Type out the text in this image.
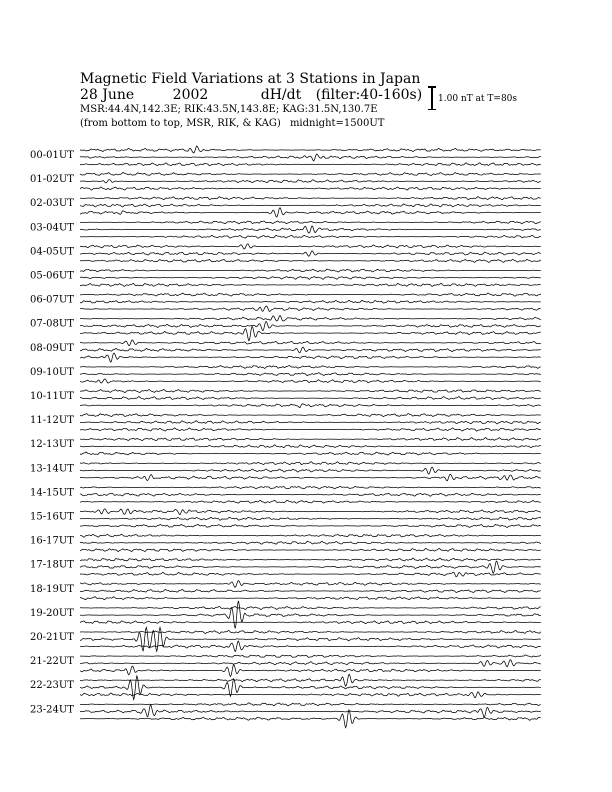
Magnetic Field Variations at 3 Stations in Japan
28 June	2002	dH/dt (filter:40-160s)
MSR:44.4N,142.3E; RIK:43.5N,143.8E; KAG:31.5N,130.7E
(from bottom to top, MSR, RIK, & KAG) midnight=1500UT
1.00 nT at T=80s
00-01UT
01-02UT
02-03UT
03-04UT
04-05UT
05-06UT
06-07UT
07-08UT
08-09UT
09-10UT
10-11UT
11-12UT
12-13UT
13-14UT
14-15UT
15-16UT
16-17UT
17-18UT
18-19UT
19-20UT
20-21UT
21-22UT
22-23UT
23-24UT
